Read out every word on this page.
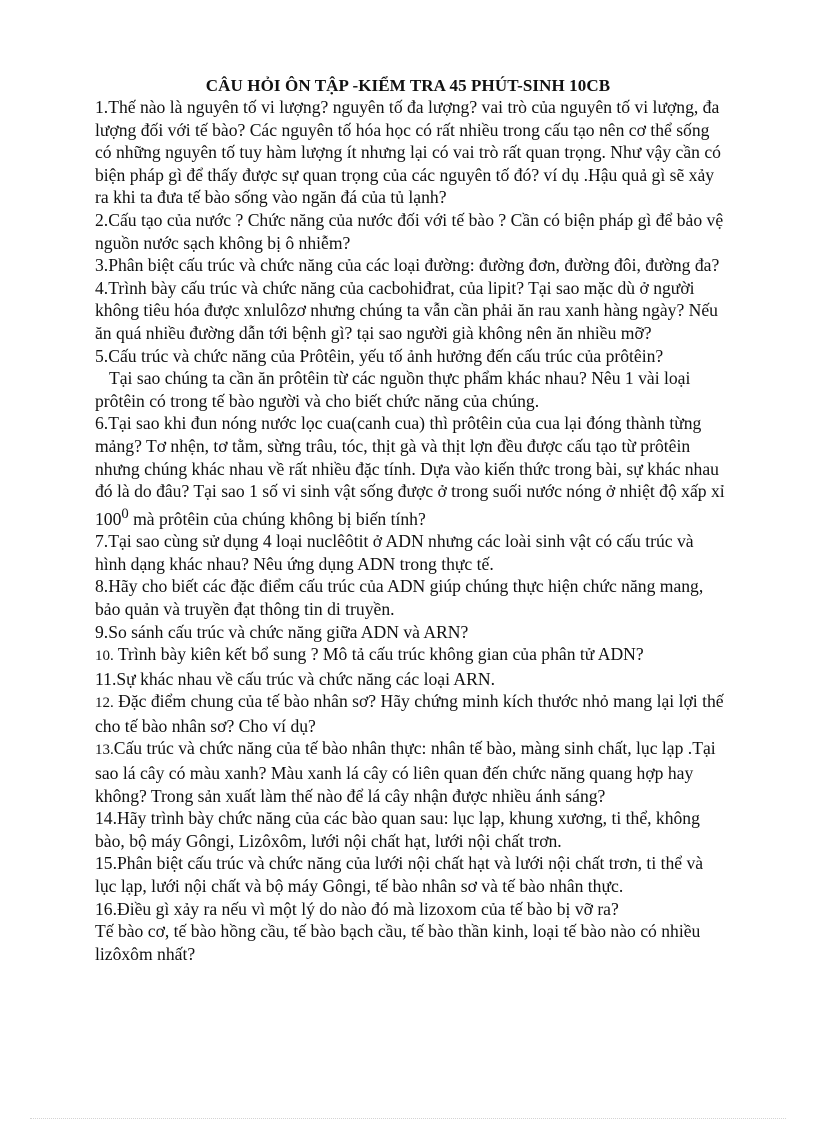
CÂU HỎI ÔN TẬP -KIỂM TRA 45 PHÚT-SINH 10CB

1.Thế nào là nguyên tố vi lượng? nguyên tố đa lượng? vai trò của nguyên tố vi lượng, đa lượng đối với tế bào? Các nguyên tố hóa học có rất nhiều trong cấu tạo nên cơ thể sống có những nguyên tố tuy hàm lượng ít nhưng lại có vai trò rất quan trọng. Như vậy cần có biện pháp gì để thấy được sự quan trọng của các nguyên tố đó? ví dụ .Hậu quả gì sẽ xảy ra khi ta đưa tế bào sống vào ngăn đá của tủ lạnh?

2.Cấu tạo của nước ? Chức năng của nước đối với tế bào ? Cần có biện pháp gì để bảo vệ nguồn nước sạch không bị ô nhiễm?

3.Phân biệt cấu trúc và chức năng của các loại đường: đường đơn, đường đôi, đường đa?

4.Trình bày cấu trúc và chức năng của cacbohiđrat, của lipit? Tại sao mặc dù ở người không tiêu hóa được xnlulôzơ nhưng chúng ta vẫn cần phải ăn rau xanh hàng ngày? Nếu ăn quá nhiều đường dẫn tới bệnh gì? tại sao người già không nên ăn nhiều mỡ?

5.Cấu trúc và chức năng của Prôtêin, yếu tố ảnh hưởng đến cấu trúc của prôtêin?
Tại sao chúng ta cần ăn prôtêin từ các nguồn thực phẩm khác nhau? Nêu 1 vài loại prôtêin có trong tế bào người và cho biết chức năng của chúng.

6.Tại sao khi đun nóng nước lọc cua(canh cua) thì prôtêin của cua lại đóng thành từng mảng? Tơ nhện, tơ tằm, sừng trâu, tóc, thịt gà và thịt lợn đều được cấu tạo từ prôtêin nhưng chúng khác nhau về rất nhiều đặc tính. Dựa vào kiến thức trong bài, sự khác nhau đó là do đâu? Tại sao 1 số vi sinh vật sống được ở trong suối nước nóng ở nhiệt độ xấp xỉ $100^0$ mà prôtêin của chúng không bị biến tính?

7.Tại sao cùng sử dụng 4 loại nuclêôtit ở ADN nhưng các loài sinh vật có cấu trúc và hình dạng khác nhau? Nêu ứng dụng ADN trong thực tế.

8.Hãy cho biết các đặc điểm cấu trúc của ADN giúp chúng thực hiện chức năng mang, bảo quản và truyền đạt thông tin di truyền.

9.So sánh cấu trúc và chức năng giữa ADN và ARN?

10. Trình bày kiên kết bổ sung ? Mô tả cấu trúc không gian của phân tử ADN?

11.Sự khác nhau về cấu trúc và chức năng các loại ARN.

12. Đặc điểm chung của tế bào nhân sơ? Hãy chứng minh kích thước nhỏ mang lại lợi thế cho tế bào nhân sơ? Cho ví dụ?

13.Cấu trúc và chức năng của tế bào nhân thực: nhân tế bào, màng sinh chất, lục lạp .Tại sao lá cây có màu xanh? Màu xanh lá cây có liên quan đến chức năng quang hợp hay không? Trong sản xuất làm thế nào để lá cây nhận được nhiều ánh sáng?

14.Hãy trình bày chức năng của các bào quan sau: lục lạp, khung xương, ti thể, không bào, bộ máy Gôngi, Lizôxôm, lưới nội chất hạt, lưới nội chất trơn.

15.Phân biệt cấu trúc và chức năng của lưới nội chất hạt và lưới nội chất trơn, ti thể và lục lạp, lưới nội chất và bộ máy Gôngi, tế bào nhân sơ và tế bào nhân thực.

16.Điều gì xảy ra nếu vì một lý do nào đó mà lizoxom của tế bào bị vỡ ra?
Tế bào cơ, tế bào hồng cầu, tế bào bạch cầu, tế bào thần kinh, loại tế bào nào có nhiều lizôxôm nhất?
